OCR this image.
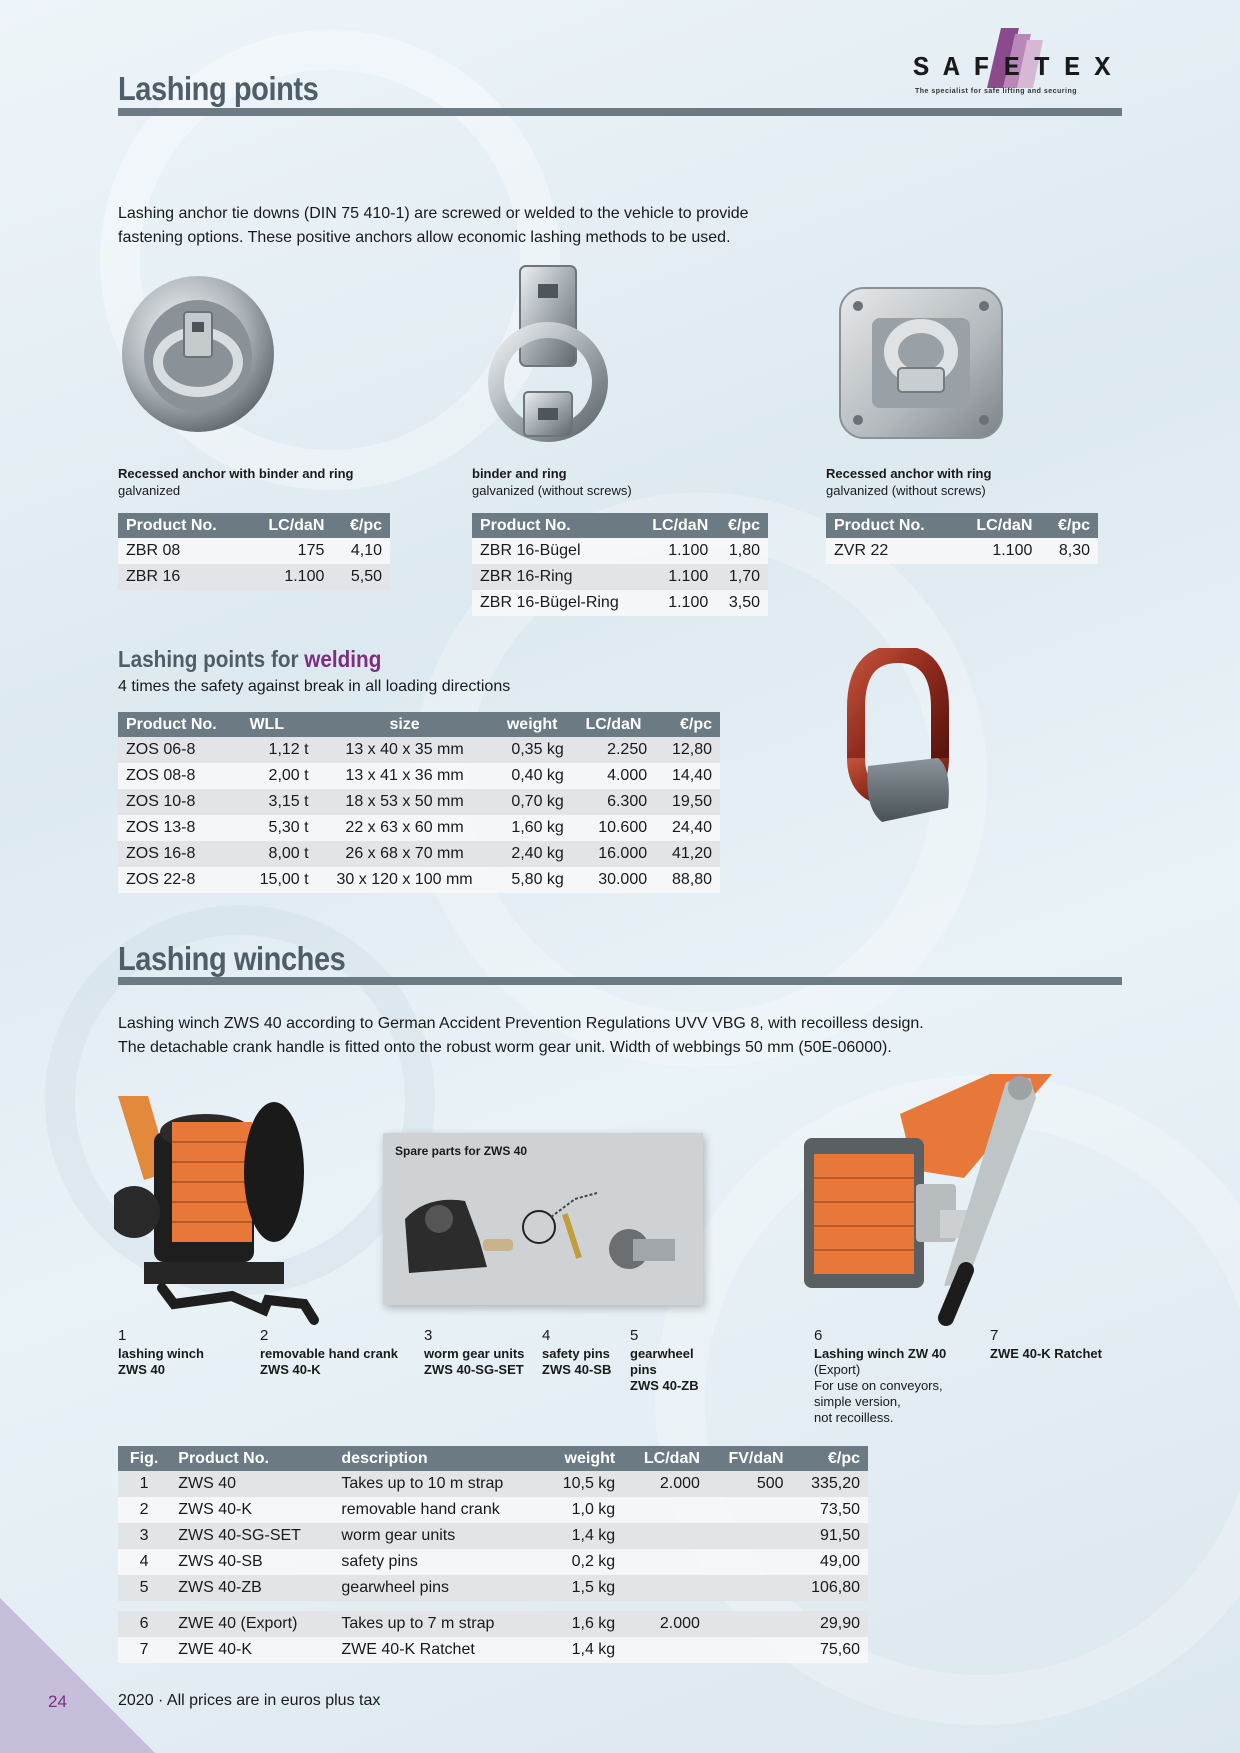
SAFETEX
The specialist for safe lifting and securing
Lashing points
Lashing anchor tie downs (DIN 75 410-1) are screwed or welded to the vehicle to provide
fastening options. These positive anchors allow economic lashing methods to be used.
Recessed anchor with binder and ring
galvanized
binder and ring
galvanized (without screws)
Recessed anchor with ring
galvanized (without screws)
Product No.	LC/daN	€/pc
ZBR 08	175	4,10
ZBR 16	1.100	5,50
Product No.	LC/daN	€/pc
ZBR 16-Bügel	1.100	1,80
ZBR 16-Ring	1.100	1,70
ZBR 16-Bügel-Ring	1.100	3,50
Product No.	LC/daN	€/pc
ZVR 22	1.100	8,30
Lashing points for welding
4 times the safety against break in all loading directions
Product No.	WLL	size	weight	LC/daN	€/pc
ZOS 06-8	1,12 t	13 x 40 x 35 mm	0,35 kg	2.250	12,80
ZOS 08-8	2,00 t	13 x 41 x 36 mm	0,40 kg	4.000	14,40
ZOS 10-8	3,15 t	18 x 53 x 50 mm	0,70 kg	6.300	19,50
ZOS 13-8	5,30 t	22 x 63 x 60 mm	1,60 kg	10.600	24,40
ZOS 16-8	8,00 t	26 x 68 x 70 mm	2,40 kg	16.000	41,20
ZOS 22-8	15,00 t	30 x 120 x 100 mm	5,80 kg	30.000	88,80
Lashing winches
Lashing winch ZWS 40 according to German Accident Prevention Regulations UVV VBG 8, with recoilless design.
The detachable crank handle is fitted onto the robust worm gear unit. Width of webbings 50 mm (50E-06000).
Spare parts for ZWS 40
1
lashing winch
ZWS 40
2
removable hand crank
ZWS 40-K
3
worm gear units
ZWS 40-SG-SET
4
safety pins
ZWS 40-SB
5
gearwheel
pins
ZWS 40-ZB
6
Lashing winch ZW 40
(Export)
For use on conveyors,
simple version,
not recoilless.
7
ZWE 40-K Ratchet
Fig.	Product No.	description	weight	LC/daN	FV/daN	€/pc
1	ZWS 40	Takes up to 10 m strap	10,5 kg	2.000	500	335,20
2	ZWS 40-K	removable hand crank	1,0 kg			73,50
3	ZWS 40-SG-SET	worm gear units	1,4 kg			91,50
4	ZWS 40-SB	safety pins	0,2 kg			49,00
5	ZWS 40-ZB	gearwheel pins	1,5 kg			106,80

6	ZWE 40 (Export)	Takes up to 7 m strap	1,6 kg	2.000		29,90
7	ZWE 40-K	ZWE 40-K Ratchet	1,4 kg			75,60
24	2020 · All prices are in euros plus tax
